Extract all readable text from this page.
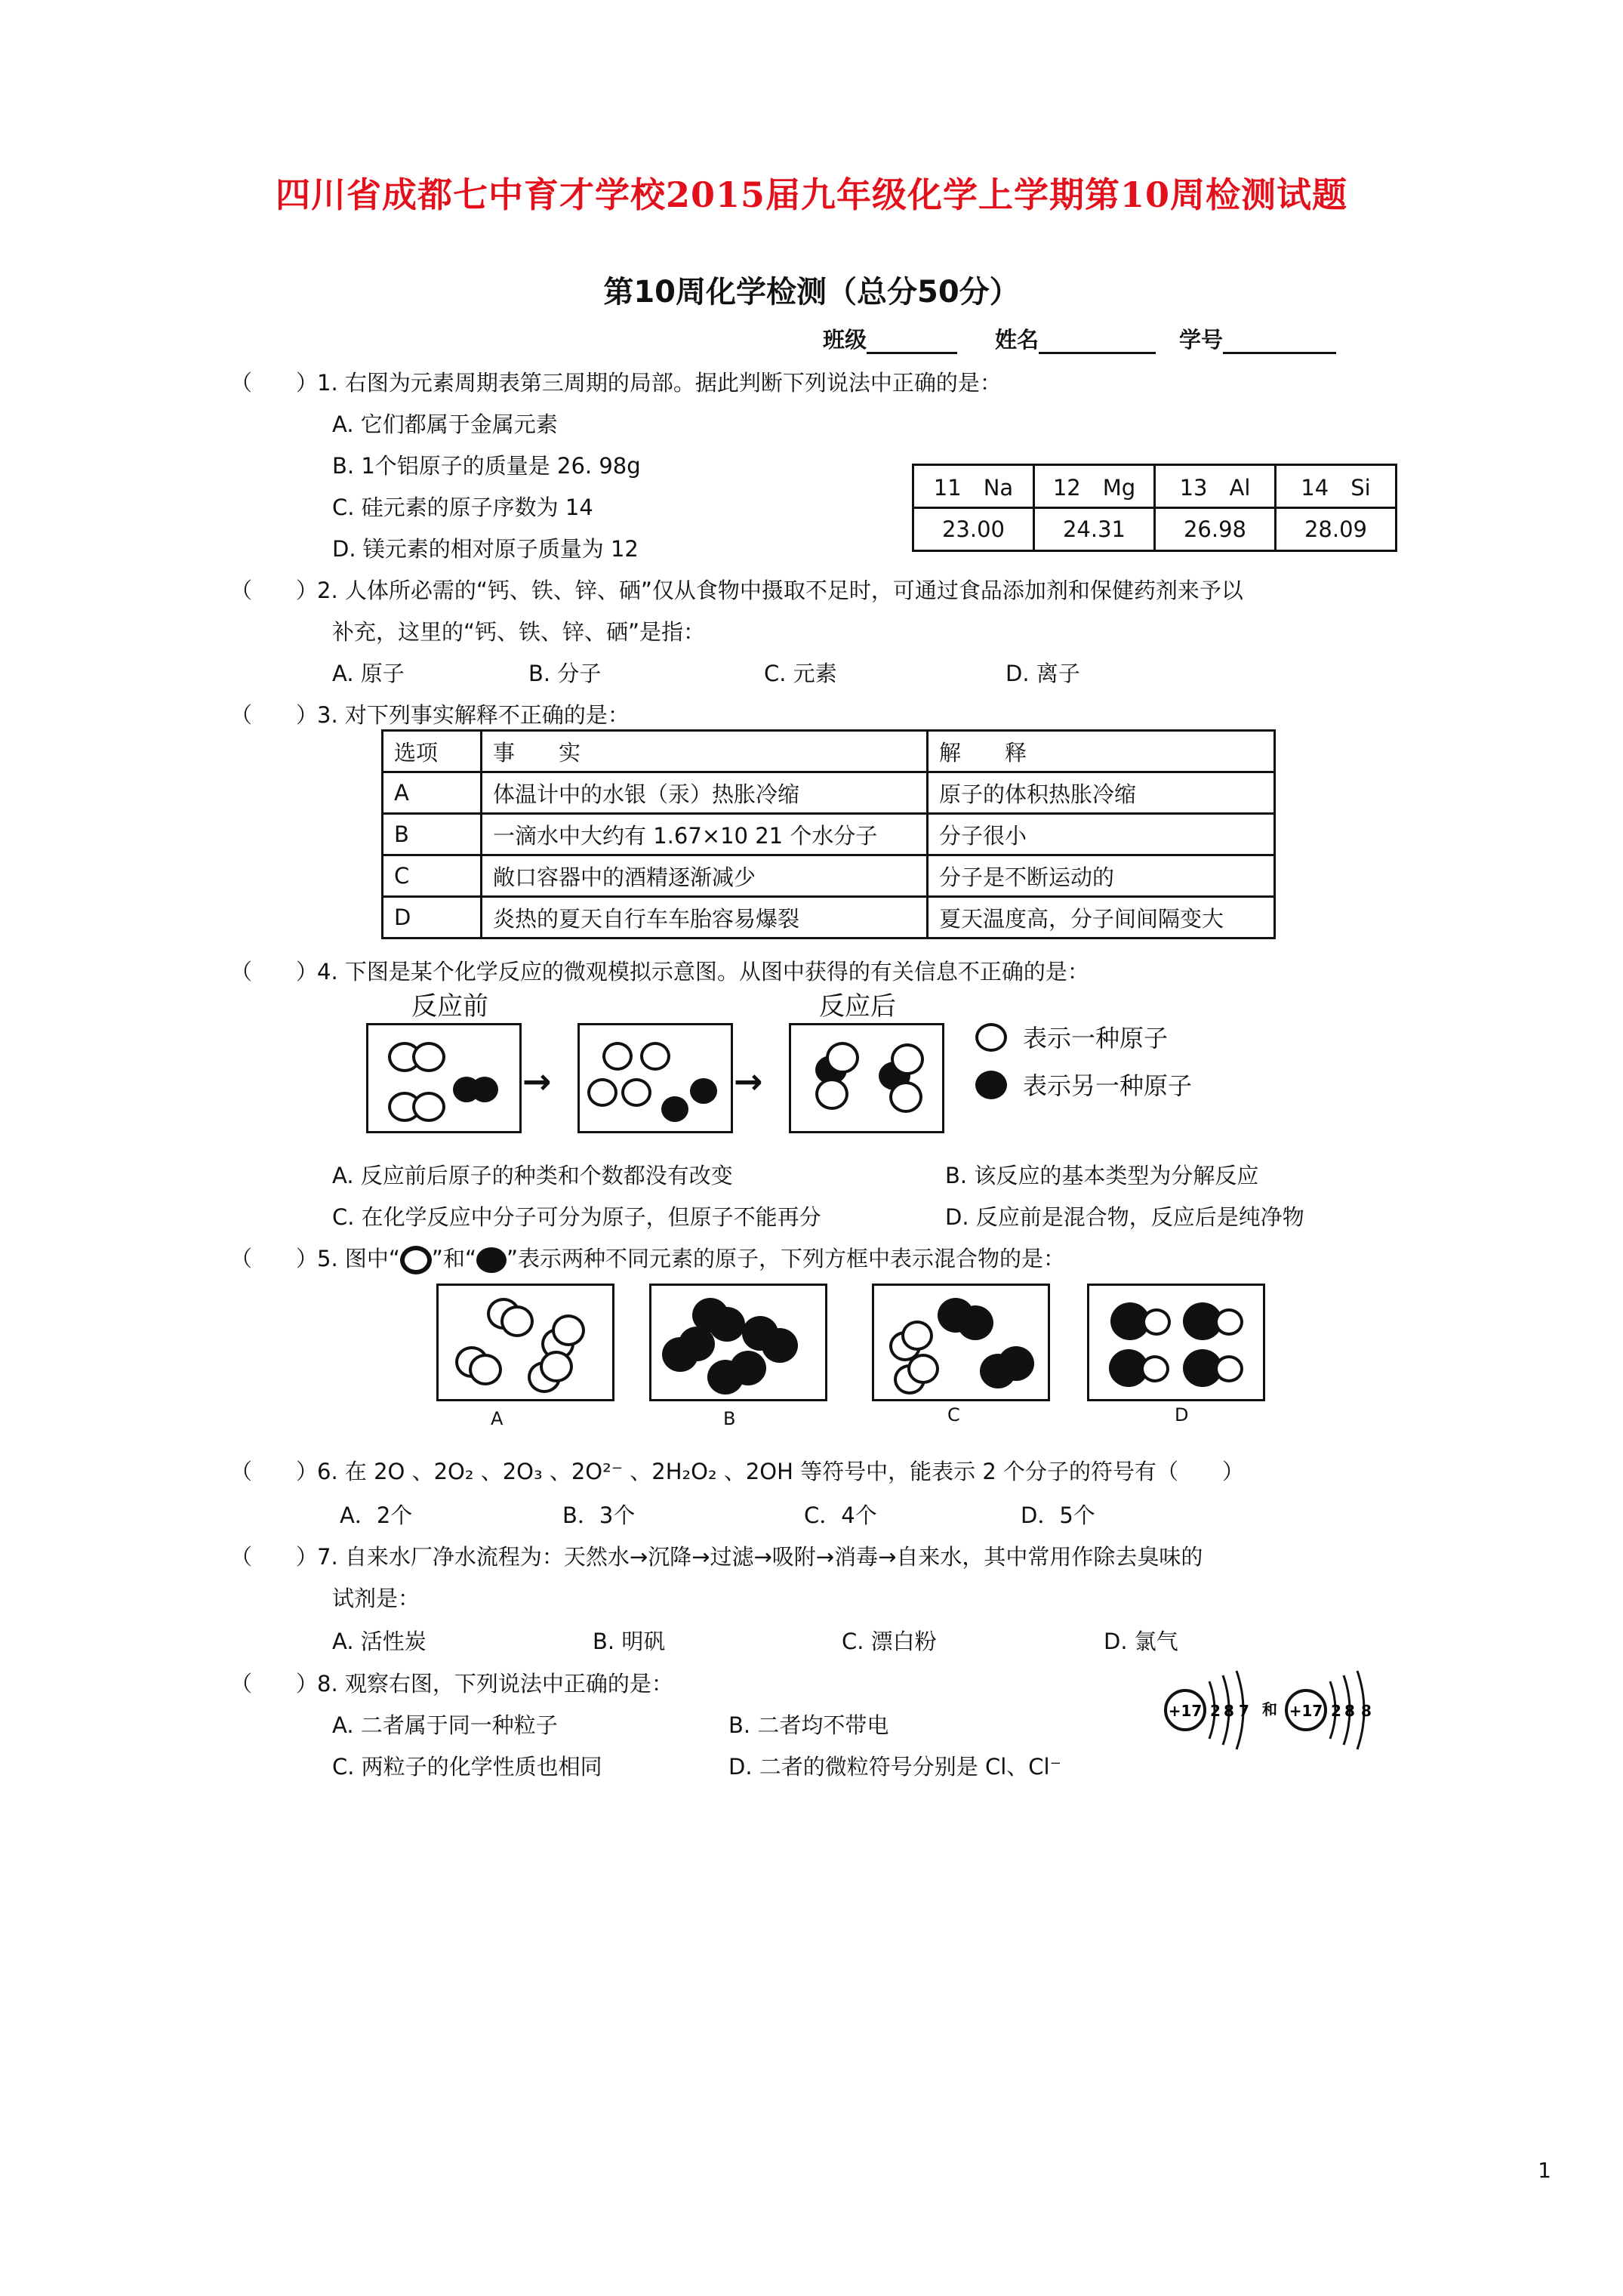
四川省成都七中育才学校2015届九年级化学上学期第10周检测试题
第10周化学检测（总分50分）
班级	姓名	学号
（　　 ）
（　　 ）
（　　 ）
（　　 ）
（　　 ）
（　　 ）
（　　 ）
（　　 ）
1. 右图为元素周期表第三周期的局部。据此判断下列说法中正确的是：
A. 它们都属于金属元素
B. 1个铝原子的质量是 26. 98g
C. 硅元素的原子序数为 14
D. 镁元素的相对原子质量为 12
11　 Na	12　 Mg	13　 Al	14　 Si
23.00	24.31	26.98	28.09
2. 人体所必需的“钙、铁、锌、硒”仅从食物中摄取不足时，可通过食品添加剂和保健药剂来予以
补充，这里的“钙、铁、锌、硒”是指：
A. 原子	B. 分子	C. 元素	D. 离子
3. 对下列事实解释不正确的是：
选项	事　　实	解　　释
A	体温计中的水银（汞）热胀冷缩	原子的体积热胀冷缩
B	一滴水中大约有 1.67×10 21 个水分子	分子很小
C	敞口容器中的酒精逐渐减少	分子是不断运动的
D	炎热的夏天自行车车胎容易爆裂	夏天温度高，分子间间隔变大
4. 下图是某个化学反应的微观模拟示意图。从图中获得的有关信息不正确的是：
反应前	反应后
→	→
表示一种原子
表示另一种原子
A. 反应前后原子的种类和个数都没有改变	B. 该反应的基本类型为分解反应
C. 在化学反应中分子可分为原子，但原子不能再分	D. 反应前是混合物，反应后是纯净物
5. 图中“ ”和“ ”表示两种不同元素的原子，下列方框中表示混合物的是：
A	B	C	D
6. 在 2O 、2O₂ 、2O₃ 、2O²⁻ 、2H₂O₂ 、2OH 等符号中，能表示 2 个分子的符号有（　　）
A．2个	B．3个	C．4个	D．5个
7. 自来水厂净水流程为：天然水→沉降→过滤→吸附→消毒→自来水，其中常用作除去臭味的
试剂是：
A. 活性炭	B. 明矾	C. 漂白粉	D. 氯气
8. 观察右图，下列说法中正确的是：
A. 二者属于同一种粒子	B. 二者均不带电
C. 两粒子的化学性质也相同	D. 二者的微粒符号分别是 Cl、Cl⁻
+17 2 8 7 和 +17 2 8 8
1
